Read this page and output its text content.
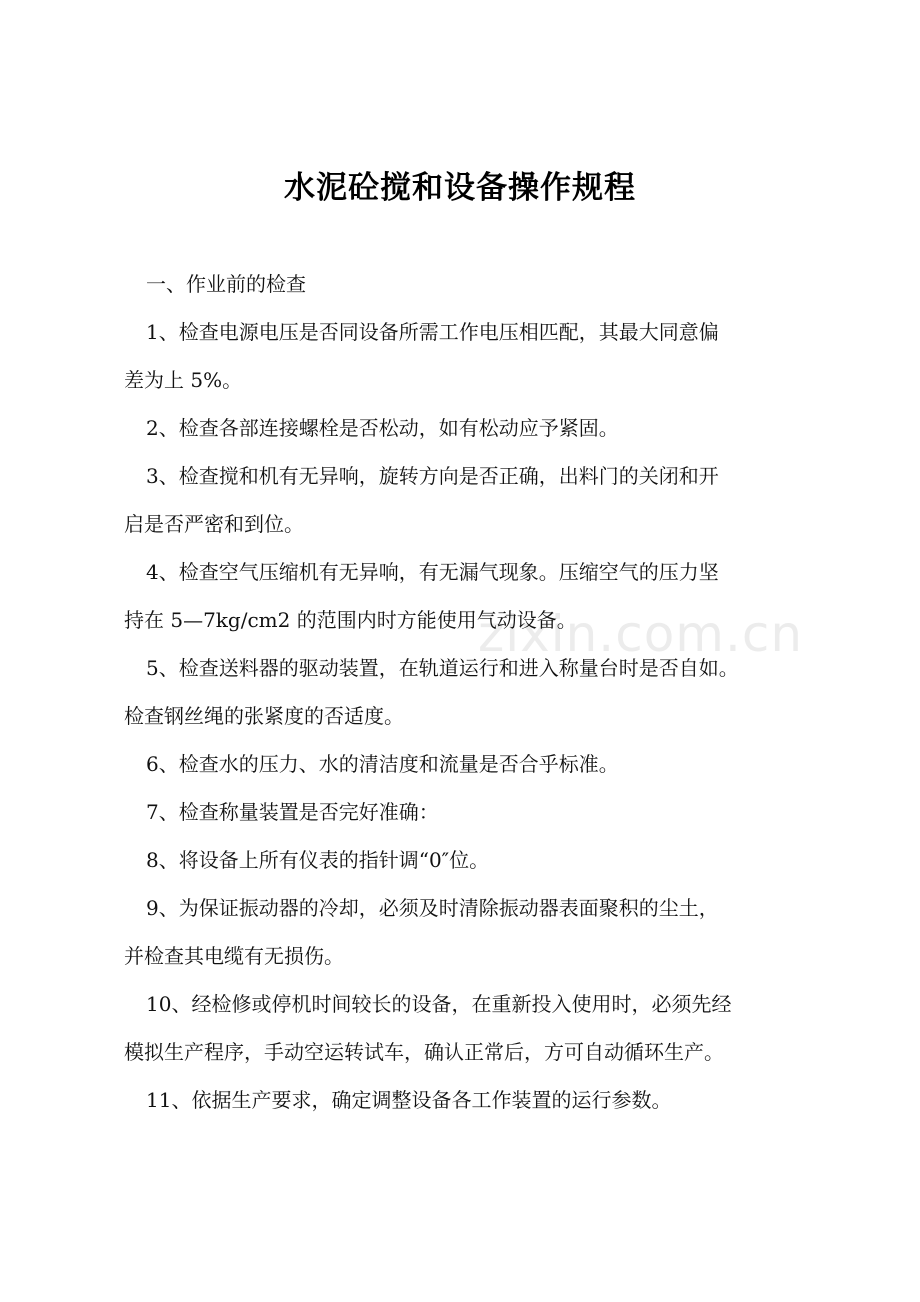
zixin.com.cn
水泥砼搅和设备操作规程
一、作业前的检查
1、检查电源电压是否同设备所需工作电压相匹配，其最大同意偏
差为上 5%。
2、检查各部连接螺栓是否松动，如有松动应予紧固。
3、检查搅和机有无异响，旋转方向是否正确，出料门的关闭和开
启是否严密和到位。
4、检查空气压缩机有无异响，有无漏气现象。压缩空气的压力坚
持在 5—7kg/cm2 的范围内时方能使用气动设备。
5、检查送料器的驱动装置，在轨道运行和进入称量台时是否自如。
检查钢丝绳的张紧度的否适度。
6、检查水的压力、水的清洁度和流量是否合乎标准。
7、检查称量装置是否完好准确：
8、将设备上所有仪表的指针调“0″位。
9、为保证振动器的冷却，必须及时清除振动器表面聚积的尘土，
并检查其电缆有无损伤。
10、经检修或停机时间较长的设备，在重新投入使用时，必须先经
模拟生产程序，手动空运转试车，确认正常后，方可自动循环生产。
11、依据生产要求，确定调整设备各工作装置的运行参数。
